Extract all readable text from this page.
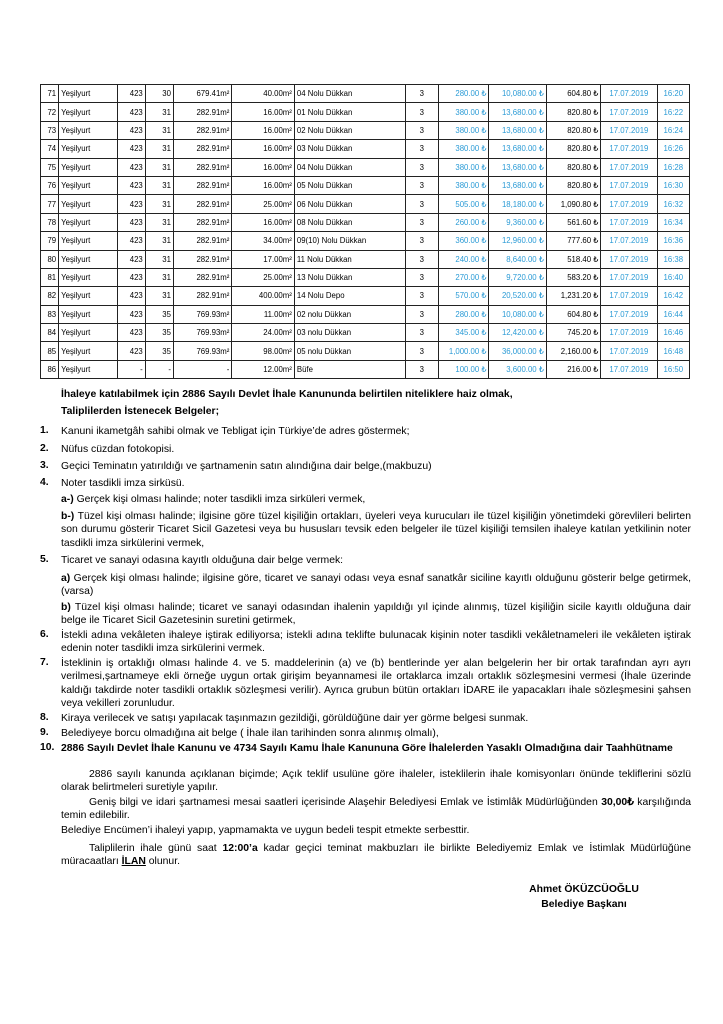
71	Yeşilyurt	423	30	679.41m²	40.00m²	04 Nolu Dükkan	3	280.00 ₺	10,080.00 ₺	604.80 ₺	17.07.2019	16:20
72	Yeşilyurt	423	31	282.91m²	16.00m²	01 Nolu Dükkan	3	380.00 ₺	13,680.00 ₺	820.80 ₺	17.07.2019	16:22
73	Yeşilyurt	423	31	282.91m²	16.00m²	02 Nolu Dükkan	3	380.00 ₺	13,680.00 ₺	820.80 ₺	17.07.2019	16:24
74	Yeşilyurt	423	31	282.91m²	16.00m²	03 Nolu Dükkan	3	380.00 ₺	13,680.00 ₺	820.80 ₺	17.07.2019	16:26
75	Yeşilyurt	423	31	282.91m²	16.00m²	04 Nolu Dükkan	3	380.00 ₺	13,680.00 ₺	820.80 ₺	17.07.2019	16:28
76	Yeşilyurt	423	31	282.91m²	16.00m²	05 Nolu Dükkan	3	380.00 ₺	13,680.00 ₺	820.80 ₺	17.07.2019	16:30
77	Yeşilyurt	423	31	282.91m²	25.00m²	06 Nolu Dükkan	3	505.00 ₺	18,180.00 ₺	1,090.80 ₺	17.07.2019	16:32
78	Yeşilyurt	423	31	282.91m²	16.00m²	08 Nolu Dükkan	3	260.00 ₺	9,360.00 ₺	561.60 ₺	17.07.2019	16:34
79	Yeşilyurt	423	31	282.91m²	34.00m²	09(10) Nolu Dükkan	3	360.00 ₺	12,960.00 ₺	777.60 ₺	17.07.2019	16:36
80	Yeşilyurt	423	31	282.91m²	17.00m²	11 Nolu Dükkan	3	240.00 ₺	8,640.00 ₺	518.40 ₺	17.07.2019	16:38
81	Yeşilyurt	423	31	282.91m²	25.00m²	13 Nolu Dükkan	3	270.00 ₺	9,720.00 ₺	583.20 ₺	17.07.2019	16:40
82	Yeşilyurt	423	31	282.91m²	400.00m²	14 Nolu Depo	3	570.00 ₺	20,520.00 ₺	1,231.20 ₺	17.07.2019	16:42
83	Yeşilyurt	423	35	769.93m²	11.00m²	02 nolu Dükkan	3	280.00 ₺	10,080.00 ₺	604.80 ₺	17.07.2019	16:44
84	Yeşilyurt	423	35	769.93m²	24.00m²	03 nolu Dükkan	3	345.00 ₺	12,420.00 ₺	745.20 ₺	17.07.2019	16:46
85	Yeşilyurt	423	35	769.93m²	98.00m²	05 nolu Dükkan	3	1,000.00 ₺	36,000.00 ₺	2,160.00 ₺	17.07.2019	16:48
86	Yeşilyurt	-	-	-	12.00m²	Büfe	3	100.00 ₺	3,600.00 ₺	216.00 ₺	17.07.2019	16:50
İhaleye katılabilmek için 2886 Sayılı Devlet İhale Kanununda belirtilen niteliklere haiz olmak,
Taliplilerden İstenecek Belgeler;
1. Kanuni ikametgâh sahibi olmak ve Tebligat için Türkiye’de adres göstermek;
2. Nüfus cüzdan fotokopisi.
3. Geçici Teminatın yatırıldığı ve şartnamenin satın alındığına dair belge,(makbuzu)
4. Noter tasdikli imza sirküsü.
a-) Gerçek kişi olması halinde; noter tasdikli imza sirküleri vermek,
b-) Tüzel kişi olması halinde; ilgisine göre tüzel kişiliğin ortakları, üyeleri veya kurucuları ile tüzel kişiliğin yönetimdeki görevlileri belirten son durumu gösterir Ticaret Sicil Gazetesi veya bu hususları tevsik eden belgeler ile tüzel kişiliği temsilen ihaleye katılan yetkilinin noter tasdikli imza sirkülerini vermek,
5. Ticaret ve sanayi odasına kayıtlı olduğuna dair belge vermek:
a) Gerçek kişi olması halinde; ilgisine göre, ticaret ve sanayi odası veya esnaf sanatkâr siciline kayıtlı olduğunu gösterir belge getirmek, (varsa)
b) Tüzel kişi olması halinde; ticaret ve sanayi odasından ihalenin yapıldığı yıl içinde alınmış, tüzel kişiliğin sicile kayıtlı olduğuna dair belge ile Ticaret Sicil Gazetesinin suretini getirmek,
6. İstekli adına vekâleten ihaleye iştirak ediliyorsa; istekli adına teklifte bulunacak kişinin noter tasdikli vekâletnameleri ile vekâleten iştirak edenin noter tasdikli imza sirkülerini vermek.
7. İsteklinin iş ortaklığı olması halinde 4. ve 5. maddelerinin (a) ve (b) bentlerinde yer alan belgelerin her bir ortak tarafından ayrı ayrı verilmesi,şartnameye ekli örneğe uygun ortak girişim beyannamesi ile ortaklarca imzalı ortaklık sözleşmesini vermesi (İhale üzerinde kaldığı takdirde noter tasdikli ortaklık sözleşmesi verilir). Ayrıca grubun bütün ortakları İDARE ile yapacakları ihale sözleşmesini şahsen veya vekilleri zorunludur.
8. Kiraya verilecek ve satışı yapılacak taşınmazın gezildiği, görüldüğüne dair yer görme belgesi sunmak.
9. Belediyeye borcu olmadığına ait belge ( İhale ilan tarihinden sonra alınmış olmalı),
10. 2886 Sayılı Devlet İhale Kanunu ve 4734 Sayılı Kamu İhale Kanununa Göre İhalelerden Yasaklı Olmadığına dair Taahhütname
2886 sayılı kanunda açıklanan biçimde; Açık teklif usulüne göre ihaleler, isteklilerin ihale komisyonları önünde tekliflerini sözlü olarak belirtmeleri suretiyle yapılır.
Geniş bilgi ve idari şartnamesi mesai saatleri içerisinde Alaşehir Belediyesi Emlak ve İstimlâk Müdürlüğünden 30,00₺ karşılığında temin edilebilir.
Belediye Encümen’i ihaleyi yapıp, yapmamakta ve uygun bedeli tespit etmekte serbesttir.
Taliplilerin ihale günü saat 12:00’a kadar geçici teminat makbuzları ile birlikte Belediyemiz Emlak ve İstimlak Müdürlüğüne müracaatları İLAN olunur.
Ahmet ÖKÜZCÜOĞLU
Belediye Başkanı
